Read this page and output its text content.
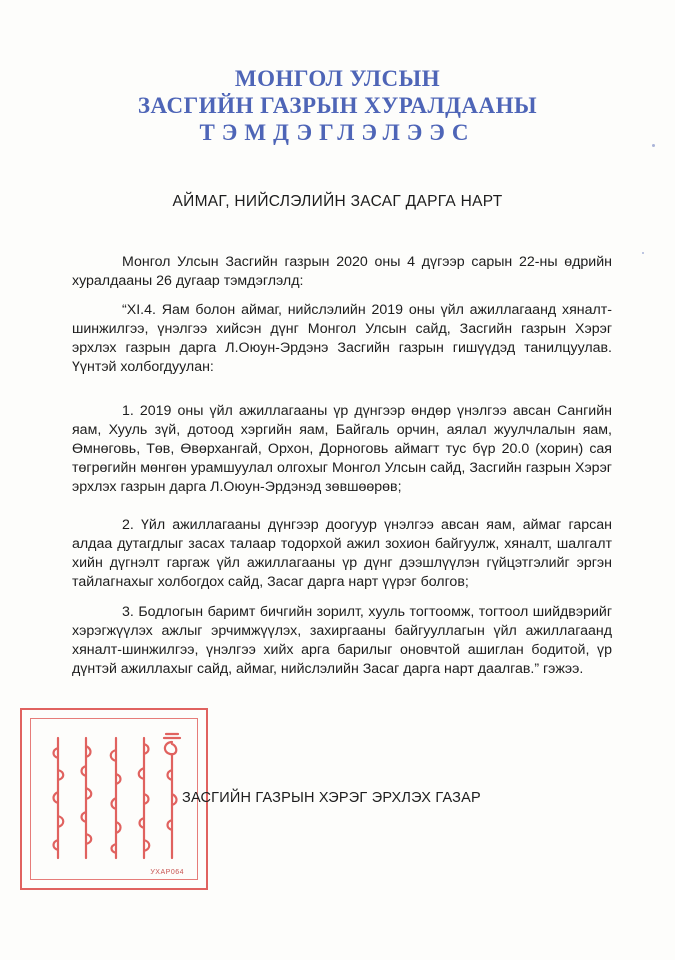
МОНГОЛ УЛСЫН
ЗАСГИЙН ГАЗРЫН ХУРАЛДААНЫ
ТЭМДЭГЛЭЛЭЭС
АЙМАГ, НИЙСЛЭЛИЙН ЗАСАГ ДАРГА НАРТ

Монгол Улсын Засгийн газрын 2020 оны 4 дүгээр сарын 22-ны өдрийн хуралдааны 26 дугаар тэмдэглэлд:

“XI.4. Яам болон аймаг, нийслэлийн 2019 оны үйл ажиллагаанд хяналт-шинжилгээ, үнэлгээ хийсэн дүнг Монгол Улсын сайд, Засгийн газрын Хэрэг эрхлэх газрын дарга Л.Оюун-Эрдэнэ Засгийн газрын гишүүдэд танилцуулав. Үүнтэй холбогдуулан:

1. 2019 оны үйл ажиллагааны үр дүнгээр өндөр үнэлгээ авсан Сангийн яам, Хууль зүй, дотоод хэргийн яам, Байгаль орчин, аялал жуулчлалын яам, Өмнөговь, Төв, Өвөрхангай, Орхон, Дорноговь аймагт тус бүр 20.0 (хорин) сая төгрөгийн мөнгөн урамшуулал олгохыг Монгол Улсын сайд, Засгийн газрын Хэрэг эрхлэх газрын дарга Л.Оюун-Эрдэнэд зөвшөөрөв;

2. Үйл ажиллагааны дүнгээр доогуур үнэлгээ авсан яам, аймаг гарсан алдаа дутагдлыг засах талаар тодорхой ажил зохион байгуулж, хяналт, шалгалт хийн дүгнэлт гаргаж үйл ажиллагааны үр дүнг дээшлүүлэн гүйцэтгэлийг эргэн тайлагнахыг холбогдох сайд, Засаг дарга нарт үүрэг болгов;

3. Бодлогын баримт бичгийн зорилт, хууль тогтоомж, тогтоол шийдвэрийг хэрэгжүүлэх ажлыг эрчимжүүлэх, захиргааны байгууллагын үйл ажиллагаанд хяналт-шинжилгээ, үнэлгээ хийх арга барилыг оновчтой ашиглан бодитой, үр дүнтэй ажиллахыг сайд, аймаг, нийслэлийн Засаг дарга нарт даалгав.” гэжээ.

УХАР064
ЗАСГИЙН ГАЗРЫН ХЭРЭГ ЭРХЛЭХ ГАЗАР
